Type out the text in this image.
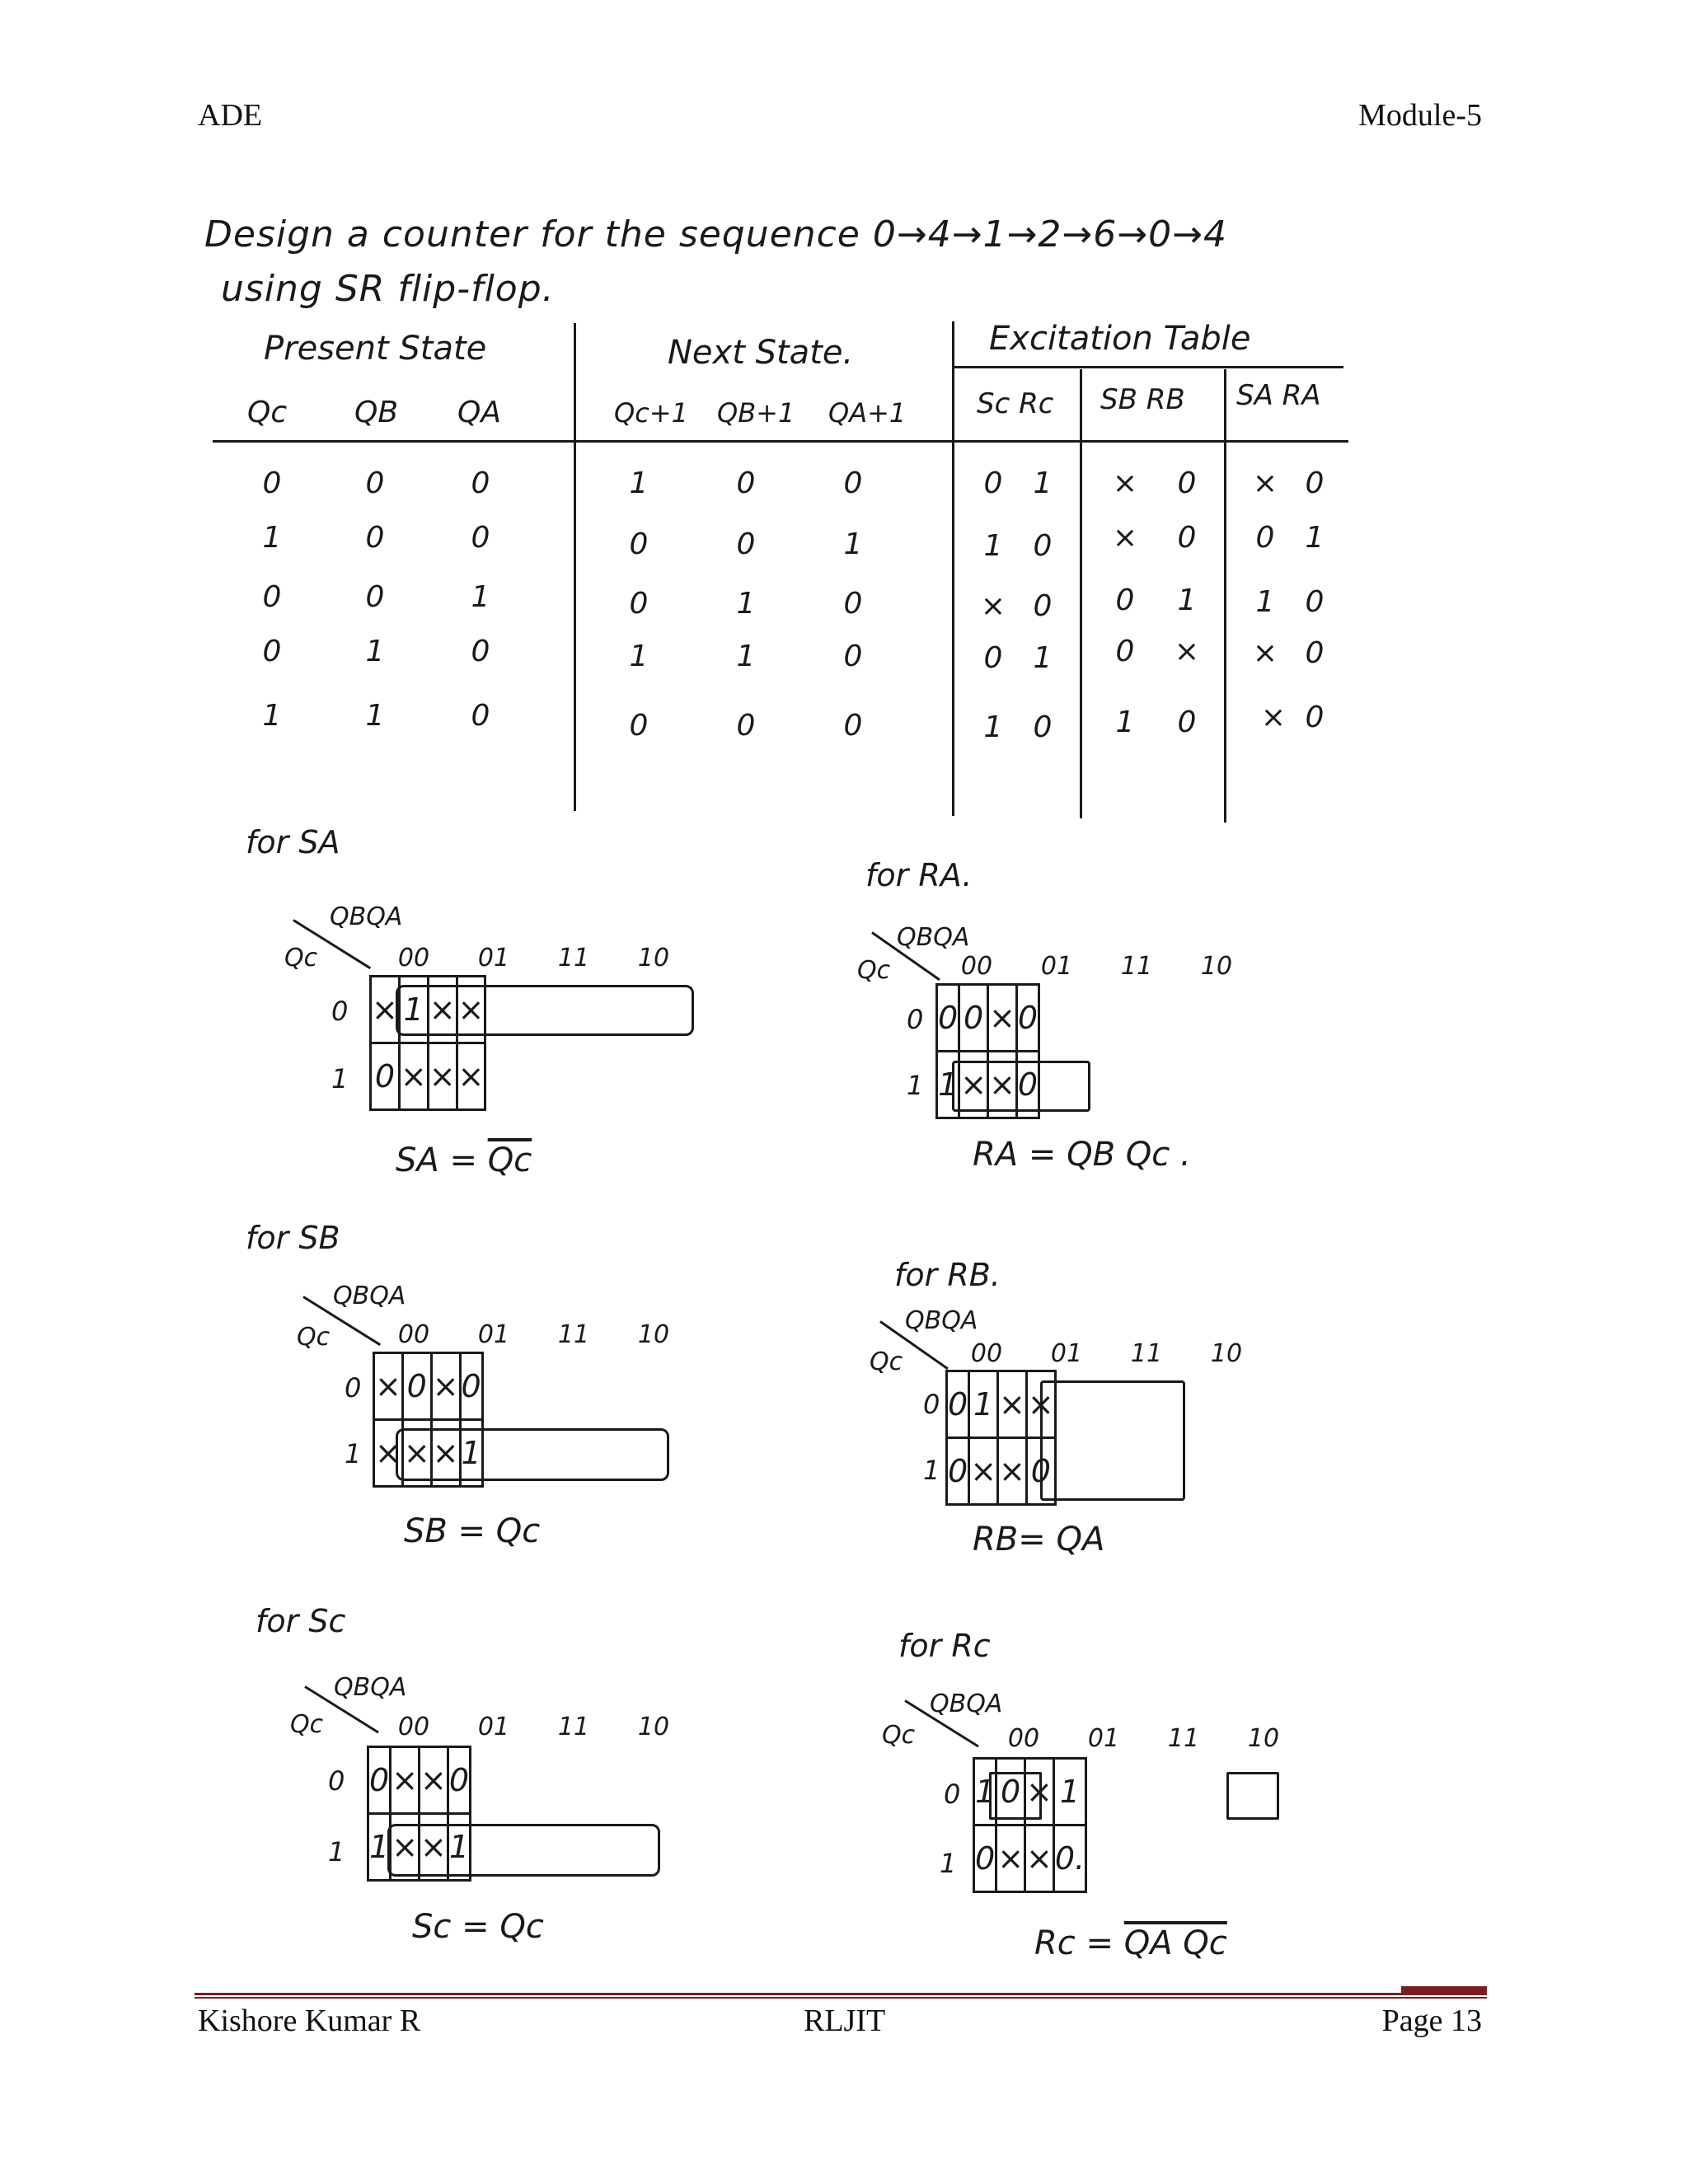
ADE	Module-5
Design a counter for the sequence 0→4→1→2→6→0→4
using SR flip-flop.
Present State	Next State.	Excitation Table
Qc QB QA	Qc+1 QB+1 QA+1	Sc Rc SB RB SA RA
0	0	0	1	0	0	0	1	×	0	× 0
1	0	0	0	0	1	1	0	×	0	0	1
0	0	1	0	1	0	× 0	0	1	1	0
0	1	0	1	1	0	0	1	0	×	× 0
1	1	0	0	0	0	1	0	1	0	× 0
for SA
QBQA
Qc	00	01	11	10
0
1
×	1	×	×
0	×	×	×
SA = $\overline{Qc}$
for RA.
QBQA
Qc	00	01	11	10
0
1
0	0	×	0
1	×	×	0
RA = QB Qc .
for SB
QBQA
Qc	00	01	11	10
0
1
×	0	×	0
×	×	×	1
SB = Qc
for RB.
QBQA
Qc	00	01	11	10
0
1
0	1	×	×
0	×	×	0
RB= QA
for Sc
QBQA
Qc	00	01	11	10
0
1
0	×	×	0
1	×	×	1
Sc = Qc
for Rc
QBQA
Qc	00	01	11	10
0
1
1	0	×	1
0	×	×	0.
Rc = QA Qc
Kishore Kumar R	RLJIT	Page 13
